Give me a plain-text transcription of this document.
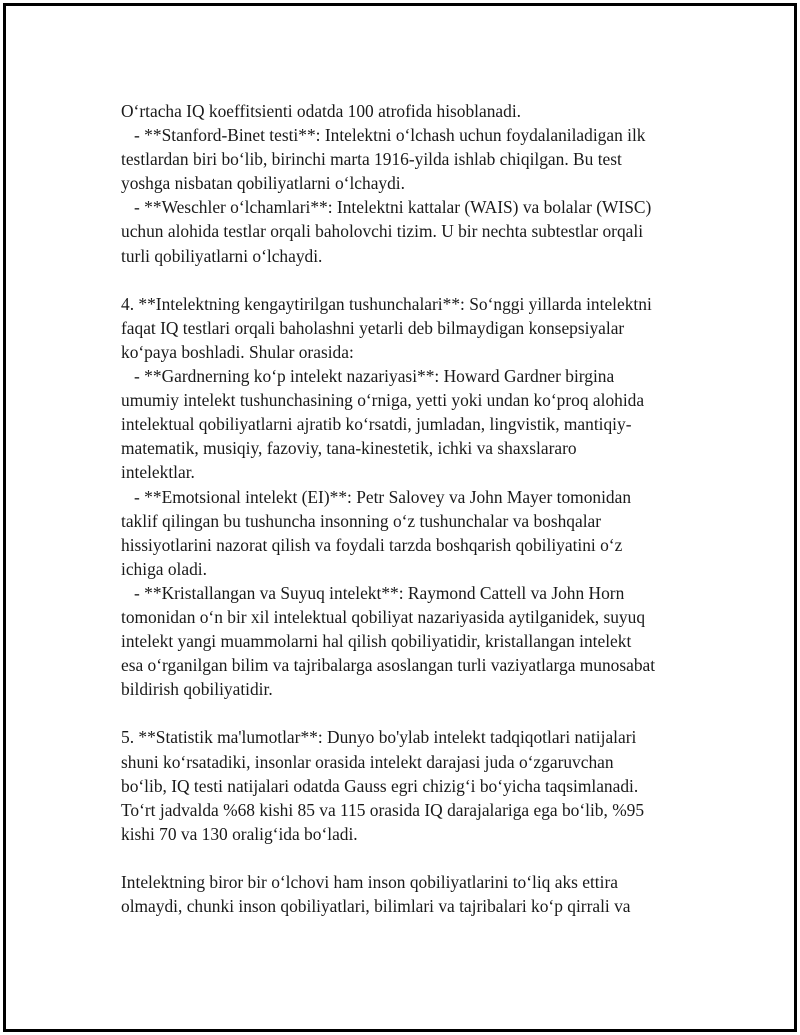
Oʻrtacha IQ koeffitsienti odatda 100 atrofida hisoblanadi.
- **Stanford-Binet testi**: Intelektni oʻlchash uchun foydalaniladigan ilk
testlardan biri boʻlib, birinchi marta 1916-yilda ishlab chiqilgan. Bu test
yoshga nisbatan qobiliyatlarni oʻlchaydi.
- **Weschler oʻlchamlari**: Intelektni kattalar (WAIS) va bolalar (WISC)
uchun alohida testlar orqali baholovchi tizim. U bir nechta subtestlar orqali
turli qobiliyatlarni oʻlchaydi.
4. **Intelektning kengaytirilgan tushunchalari**: Soʻnggi yillarda intelektni
faqat IQ testlari orqali baholashni yetarli deb bilmaydigan konsepsiyalar
koʻpaya boshladi. Shular orasida:
- **Gardnerning koʻp intelekt nazariyasi**: Howard Gardner birgina
umumiy intelekt tushunchasining oʻrniga, yetti yoki undan koʻproq alohida
intelektual qobiliyatlarni ajratib koʻrsatdi, jumladan, lingvistik, mantiqiy-
matematik, musiqiy, fazoviy, tana-kinestetik, ichki va shaxslararo
intelektlar.
- **Emotsional intelekt (EI)**: Petr Salovey va John Mayer tomonidan
taklif qilingan bu tushuncha insonning oʻz tushunchalar va boshqalar
hissiyotlarini nazorat qilish va foydali tarzda boshqarish qobiliyatini oʻz
ichiga oladi.
- **Kristallangan va Suyuq intelekt**: Raymond Cattell va John Horn
tomonidan oʻn bir xil intelektual qobiliyat nazariyasida aytilganidek, suyuq
intelekt yangi muammolarni hal qilish qobiliyatidir, kristallangan intelekt
esa oʻrganilgan bilim va tajribalarga asoslangan turli vaziyatlarga munosabat
bildirish qobiliyatidir.
5. **Statistik ma'lumotlar**: Dunyo bo'ylab intelekt tadqiqotlari natijalari
shuni koʻrsatadiki, insonlar orasida intelekt darajasi juda oʻzgaruvchan
boʻlib, IQ testi natijalari odatda Gauss egri chizigʻi boʻyicha taqsimlanadi.
Toʻrt jadvalda %68 kishi 85 va 115 orasida IQ darajalariga ega boʻlib, %95
kishi 70 va 130 oraligʻida boʻladi.
Intelektning biror bir oʻlchovi ham inson qobiliyatlarini toʻliq aks ettira
olmaydi, chunki inson qobiliyatlari, bilimlari va tajribalari koʻp qirrali va
